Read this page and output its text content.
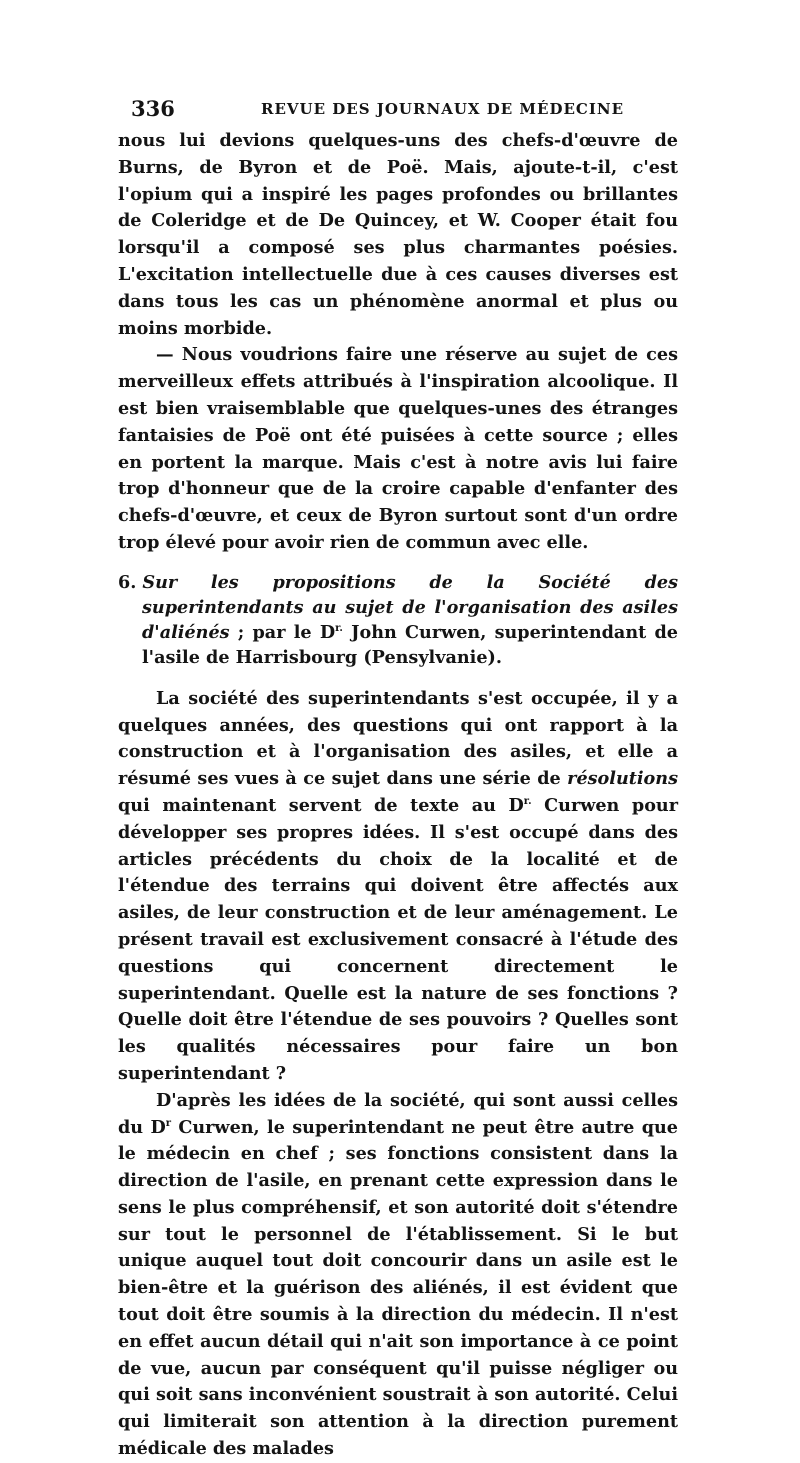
336	REVUE DES JOURNAUX DE MÉDECINE

nous lui devions quelques-uns des chefs-d'œuvre de Burns, de Byron et de Poë. Mais, ajoute-t-il, c'est l'opium qui a inspiré les pages profondes ou brillantes de Coleridge et de De Quincey, et W. Cooper était fou lorsqu'il a composé ses plus charmantes poésies. L'excitation intellectuelle due à ces causes diverses est dans tous les cas un phénomène anormal et plus ou moins morbide.

— Nous voudrions faire une réserve au sujet de ces merveilleux effets attribués à l'inspiration alcoolique. Il est bien vraisemblable que quelques-unes des étranges fantaisies de Poë ont été puisées à cette source ; elles en portent la marque. Mais c'est à notre avis lui faire trop d'honneur que de la croire capable d'enfanter des chefs-d'œuvre, et ceux de Byron surtout sont d'un ordre trop élevé pour avoir rien de commun avec elle.

6. Sur les propositions de la Société des superintendants au sujet de l'organisation des asiles d'aliénés ; par le $D^{r.}$ John Curwen, superintendant de l'asile de Harrisbourg (Pensylvanie).

La société des superintendants s'est occupée, il y a quelques années, des questions qui ont rapport à la construction et à l'organisation des asiles, et elle a résumé ses vues à ce sujet dans une série de résolutions qui maintenant servent de texte au $D^{r.}$ Curwen pour développer ses propres idées. Il s'est occupé dans des articles précédents du choix de la localité et de l'étendue des terrains qui doivent être affectés aux asiles, de leur construction et de leur aménagement. Le présent travail est exclusivement consacré à l'étude des questions qui concernent directement le superintendant. Quelle est la nature de ses fonctions ? Quelle doit être l'étendue de ses pouvoirs ? Quelles sont les qualités nécessaires pour faire un bon superintendant ?

D'après les idées de la société, qui sont aussi celles du $D^r$ Curwen, le superintendant ne peut être autre que le médecin en chef ; ses fonctions consistent dans la direction de l'asile, en prenant cette expression dans le sens le plus compréhensif, et son autorité doit s'étendre sur tout le personnel de l'établissement. Si le but unique auquel tout doit concourir dans un asile est le bien-être et la guérison des aliénés, il est évident que tout doit être soumis à la direction du médecin. Il n'est en effet aucun détail qui n'ait son importance à ce point de vue, aucun par conséquent qu'il puisse négliger ou qui soit sans inconvénient soustrait à son autorité. Celui qui limiterait son attention à la direction purement médicale des malades
